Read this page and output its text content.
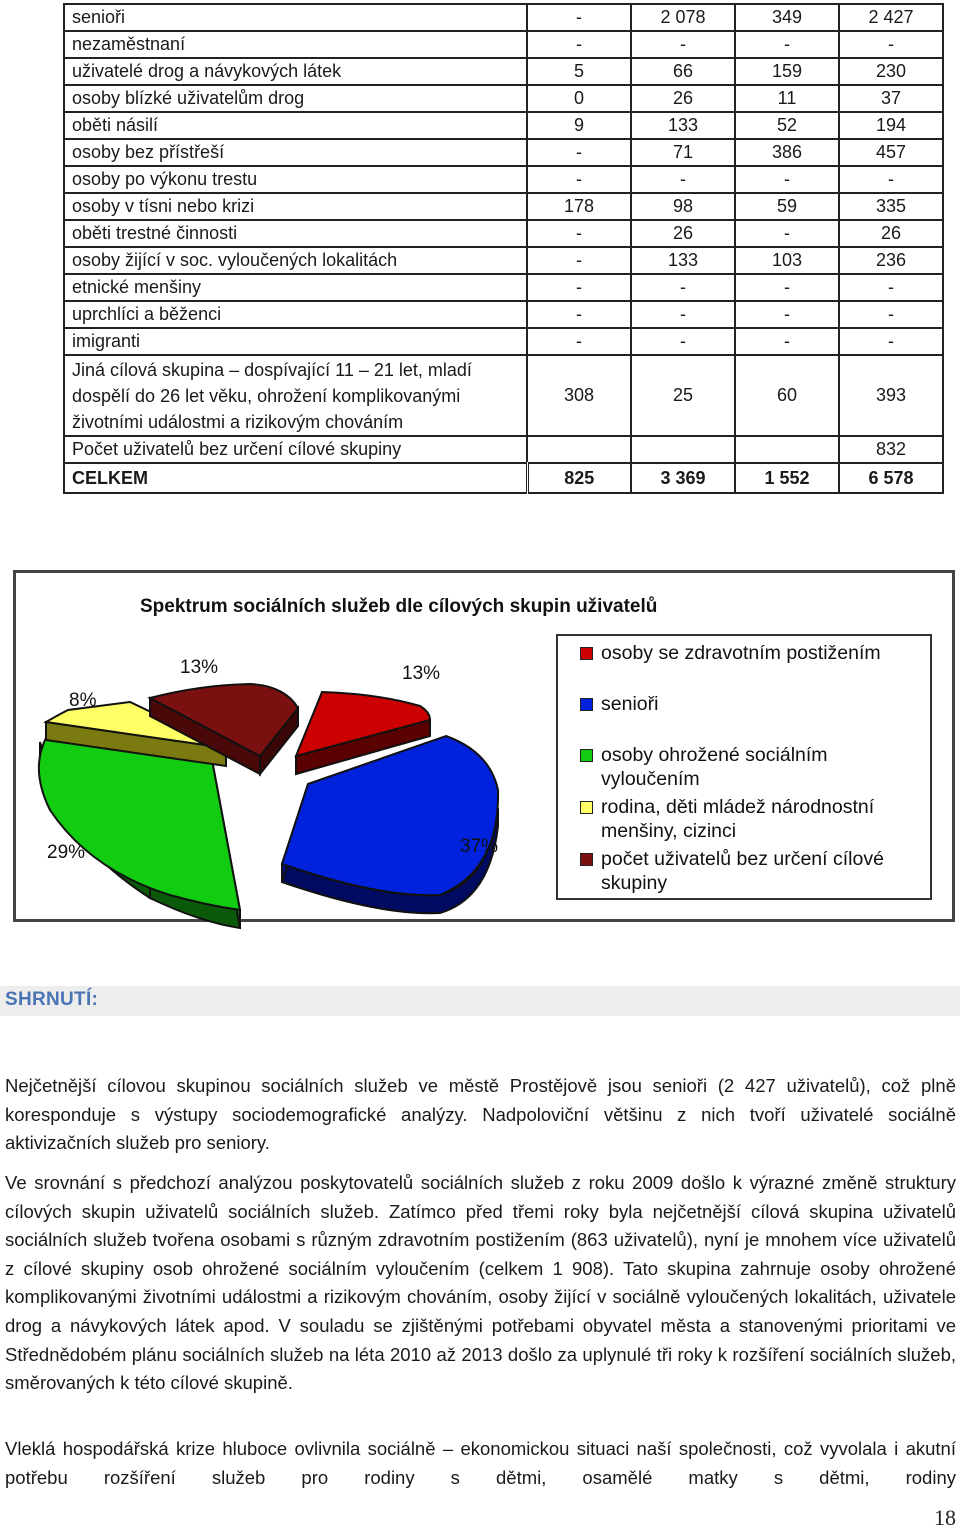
senioři	-	2 078	349	2 427
nezaměstnaní	-	-	-	-
uživatelé drog a návykových látek	5	66	159	230
osoby blízké uživatelům drog	0	26	11	37
oběti násilí	9	133	52	194
osoby bez přístřeší	-	71	386	457
osoby po výkonu trestu	-	-	-	-
osoby v tísni nebo krizi	178	98	59	335
oběti trestné činnosti	-	26	-	26
osoby žijící v soc. vyloučených lokalitách	-	133	103	236
etnické menšiny	-	-	-	-
uprchlíci a běženci	-	-	-	-
imigranti	-	-	-	-
Jiná cílová skupina – dospívající 11 – 21 let, mladí dospělí do 26 let věku, ohrožení komplikovanými životními událostmi a rizikovým chováním	308	25	60	393
Počet uživatelů bez určení cílové skupiny				832
CELKEM	825	3 369	1 552	6 578
Spektrum sociálních služeb dle cílových skupin uživatelů
8%
13%	13%
29%	37%
osoby se zdravotním postižením
senioři
osoby ohrožené sociálním vyloučením
rodina, děti mládež národnostní menšiny, cizinci
počet uživatelů bez určení cílové skupiny
SHRNUTÍ:

Nejčetnější cílovou skupinou sociálních služeb ve městě Prostějově jsou senioři (2 427 uživatelů), což plně koresponduje s výstupy sociodemografické analýzy. Nadpoloviční většinu z nich tvoří uživatelé sociálně aktivizačních služeb pro seniory.

Ve srovnání s předchozí analýzou poskytovatelů sociálních služeb z roku 2009 došlo k výrazné změně struktury cílových skupin uživatelů sociálních služeb. Zatímco před třemi roky byla nejčetnější cílová skupina uživatelů sociálních služeb tvořena osobami s různým zdravotním postižením (863 uživatelů), nyní je mnohem více uživatelů z cílové skupiny osob ohrožené sociálním vyloučením (celkem 1 908). Tato skupina zahrnuje osoby ohrožené komplikovanými životními událostmi a rizikovým chováním, osoby žijící v sociálně vyloučených lokalitách, uživatele drog a návykových látek apod. V souladu se zjištěnými potřebami obyvatel města a stanovenými prioritami ve Střednědobém plánu sociálních služeb na léta 2010 až 2013 došlo za uplynulé tři roky k rozšíření sociálních služeb, směrovaných k této cílové skupině.

Vleklá hospodářská krize hluboce ovlivnila sociálně – ekonomickou situaci naší společnosti, což vyvolala i akutní potřebu rozšíření služeb pro rodiny s dětmi, osamělé matky s dětmi, rodiny

18
